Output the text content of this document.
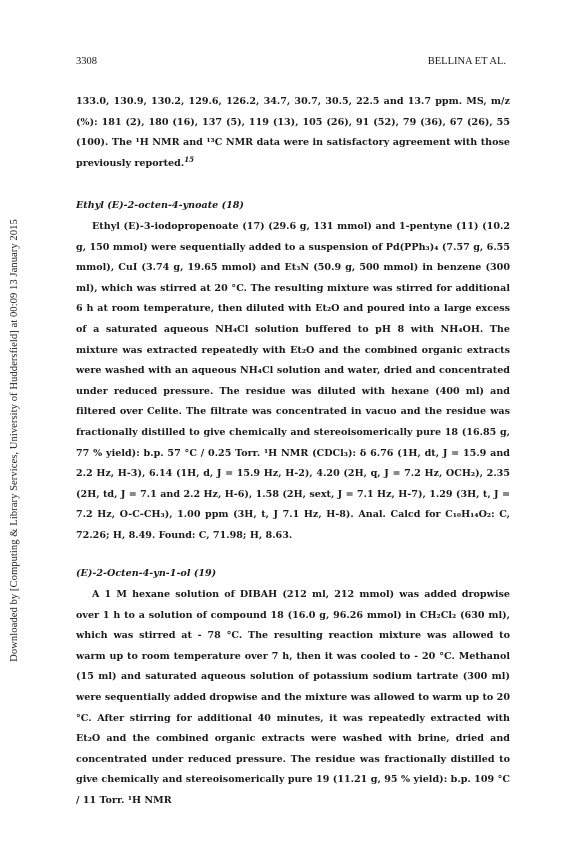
Downloaded by [Computing & Library Services, University of Huddersfield] at 00:09 13 January 2015
3308	BELLINA ET AL.

133.0, 130.9, 130.2, 129.6, 126.2, 34.7, 30.7, 30.5, 22.5 and 13.7 ppm. MS, m/z (%): 181 (2), 180 (16), 137 (5), 119 (13), 105 (26), 91 (52), 79 (36), 67 (26), 55 (100). The ¹H NMR and ¹³C NMR data were in satisfactory agreement with those previously reported.$^{15}$

Ethyl (E)-2-octen-4-ynoate (18)

Ethyl (E)-3-iodopropenoate (17) (29.6 g, 131 mmol) and 1-pentyne (11) (10.2 g, 150 mmol) were sequentially added to a suspension of Pd(PPh₃)₄ (7.57 g, 6.55 mmol), CuI (3.74 g, 19.65 mmol) and Et₃N (50.9 g, 500 mmol) in benzene (300 ml), which was stirred at 20 °C. The resulting mixture was stirred for additional 6 h at room temperature, then diluted with Et₂O and poured into a large excess of a saturated aqueous NH₄Cl solution buffered to pH 8 with NH₄OH. The mixture was extracted repeatedly with Et₂O and the combined organic extracts were washed with an aqueous NH₄Cl solution and water, dried and concentrated under reduced pressure. The residue was diluted with hexane (400 ml) and filtered over Celite. The filtrate was concentrated in vacuo and the residue was fractionally distilled to give chemically and stereoisomerically pure 18 (16.85 g, 77 % yield): b.p. 57 °C / 0.25 Torr. ¹H NMR (CDCl₃): δ 6.76 (1H, dt, J = 15.9 and 2.2 Hz, H-3), 6.14 (1H, d, J = 15.9 Hz, H-2), 4.20 (2H, q, J = 7.2 Hz, OCH₂), 2.35 (2H, td, J = 7.1 and 2.2 Hz, H-6), 1.58 (2H, sext, J = 7.1 Hz, H-7), 1.29 (3H, t, J = 7.2 Hz, O-C-CH₃), 1.00 ppm (3H, t, J 7.1 Hz, H-8). Anal. Calcd for C₁₀H₁₄O₂: C, 72.26; H, 8.49. Found: C, 71.98; H, 8.63.

(E)-2-Octen-4-yn-1-ol (19)

A 1 M hexane solution of DIBAH (212 ml, 212 mmol) was added dropwise over 1 h to a solution of compound 18 (16.0 g, 96.26 mmol) in CH₂Cl₂ (630 ml), which was stirred at - 78 °C. The resulting reaction mixture was allowed to warm up to room temperature over 7 h, then it was cooled to - 20 °C. Methanol (15 ml) and saturated aqueous solution of potassium sodium tartrate (300 ml) were sequentially added dropwise and the mixture was allowed to warm up to 20 °C. After stirring for additional 40 minutes, it was repeatedly extracted with Et₂O and the combined organic extracts were washed with brine, dried and concentrated under reduced pressure. The residue was fractionally distilled to give chemically and stereoisomerically pure 19 (11.21 g, 95 % yield): b.p. 109 °C / 11 Torr. ¹H NMR
